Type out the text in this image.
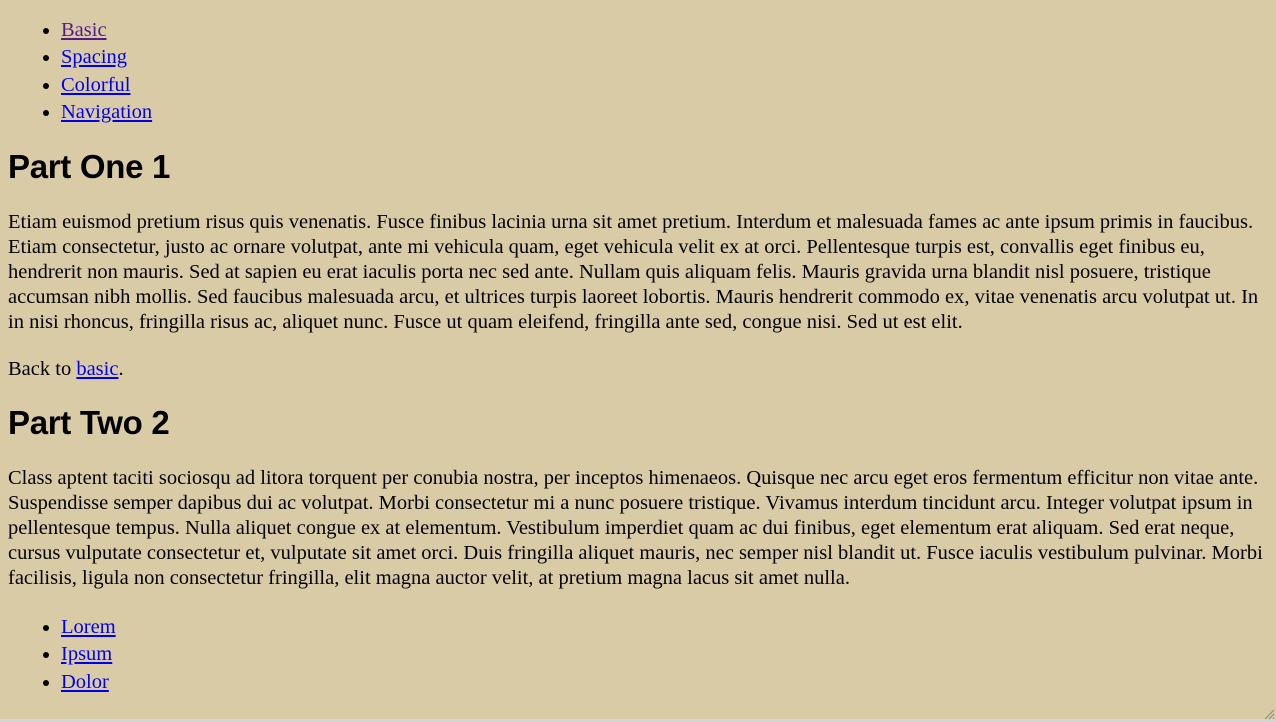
• Basic
• Spacing
• Colorful
• Navigation
Part One 1

Etiam euismod pretium risus quis venenatis. Fusce finibus lacinia urna sit amet pretium. Interdum et malesuada fames ac ante ipsum primis in faucibus. Etiam consectetur, justo ac ornare volutpat, ante mi vehicula quam, eget vehicula velit ex at orci. Pellentesque turpis est, convallis eget finibus eu, hendrerit non mauris. Sed at sapien eu erat iaculis porta nec sed ante. Nullam quis aliquam felis. Mauris gravida urna blandit nisl posuere, tristique accumsan nibh mollis. Sed faucibus malesuada arcu, et ultrices turpis laoreet lobortis. Mauris hendrerit commodo ex, vitae venenatis arcu volutpat ut. In in nisi rhoncus, fringilla risus ac, aliquet nunc. Fusce ut quam eleifend, fringilla ante sed, congue nisi. Sed ut est elit.

Back to basic.

Part Two 2

Class aptent taciti sociosqu ad litora torquent per conubia nostra, per inceptos himenaeos. Quisque nec arcu eget eros fermentum efficitur non vitae ante. Suspendisse semper dapibus dui ac volutpat. Morbi consectetur mi a nunc posuere tristique. Vivamus interdum tincidunt arcu. Integer volutpat ipsum in pellentesque tempus. Nulla aliquet congue ex at elementum. Vestibulum imperdiet quam ac dui finibus, eget elementum erat aliquam. Sed erat neque, cursus vulputate consectetur et, vulputate sit amet orci. Duis fringilla aliquet mauris, nec semper nisl blandit ut. Fusce iaculis vestibulum pulvinar. Morbi facilisis, ligula non consectetur fringilla, elit magna auctor velit, at pretium magna lacus sit amet nulla.

• Lorem
• Ipsum
• Dolor
